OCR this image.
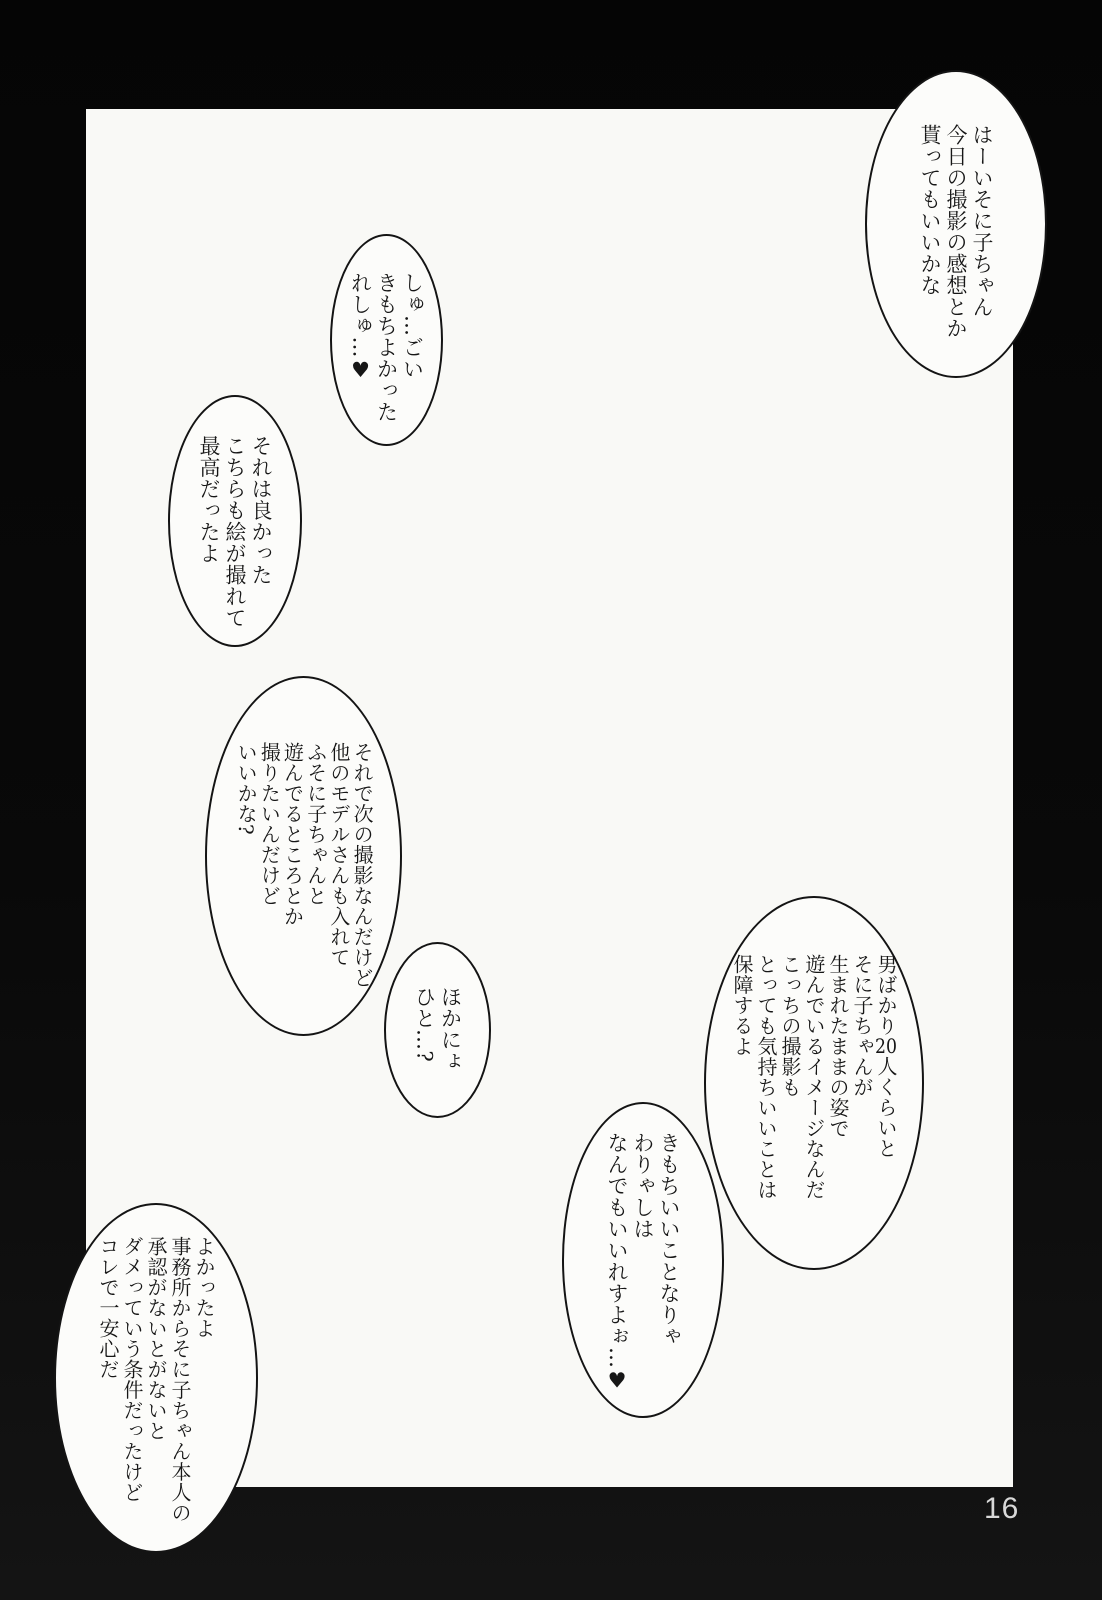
はーいそに子ちゃん
今日の撮影の感想とか
貰ってもいいかな
しゅ…ごい
きもちよかった
れしゅ…♥
それは良かった
こちらも絵が撮れて
最高だったよ
それで次の撮影なんだけど
他のモデルさんも入れて
ふそに子ちゃんと
遊んでるところとか
撮りたいんだけど
いいかな?
ほかにょ
ひと…?	男ばかり20人くらいと
そに子ちゃんが
生まれたままの姿で
遊んでいるイメージなんだ
こっちの撮影も
とっても気持ちいいことは
保障するよ
きもちいいことなりゃ
わりゃしは
なんでもいいれすよぉ…♥
よかったよ
事務所からそに子ちゃん本人の
承認がないとがないと
ダメっていう条件だったけど
コレで一安心だ
16
